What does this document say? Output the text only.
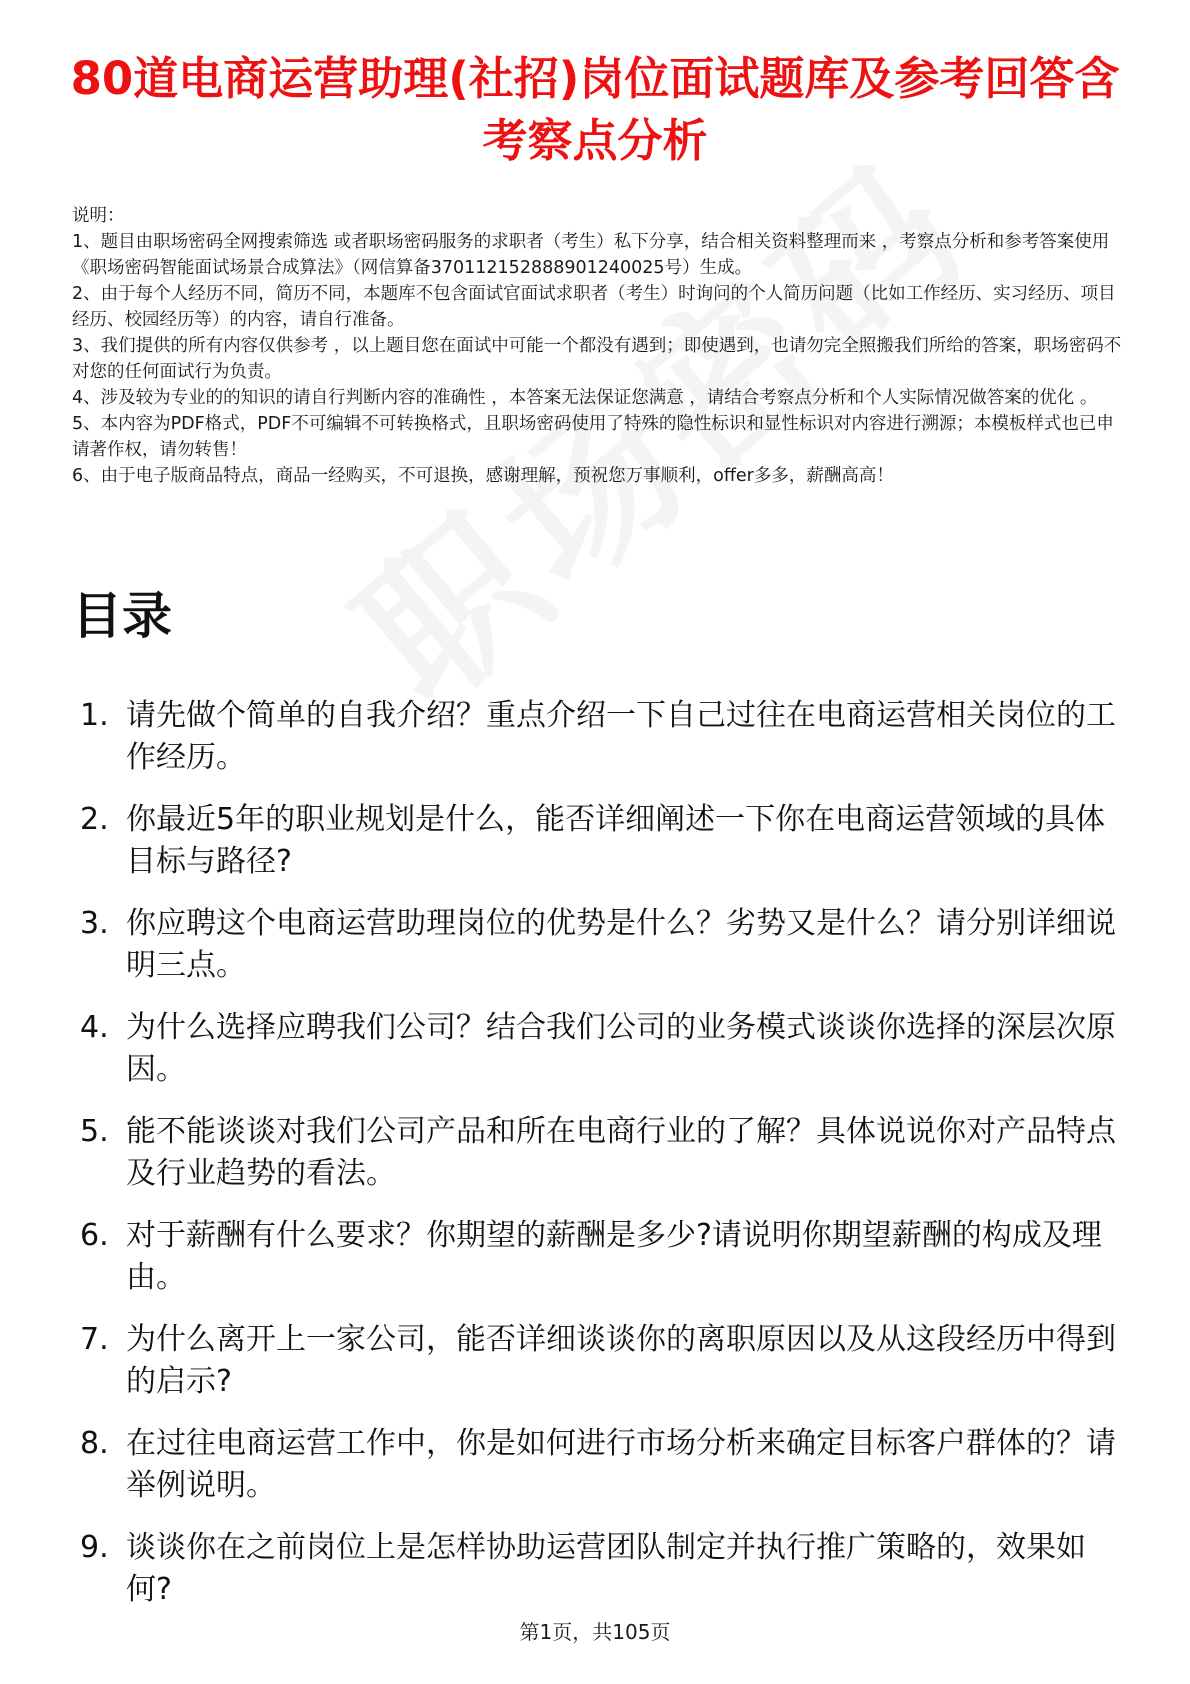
80道电商运营助理(社招)岗位面试题库及参考回答含考察点分析

说明：

1、题目由职场密码全网搜索筛选 或者职场密码服务的求职者（考生）私下分享，结合相关资料整理而来 ，考察点分析和参考答案使用《职场密码智能面试场景合成算法》（网信算备370112152888901240025号）生成。

2、由于每个人经历不同，简历不同，本题库不包含面试官面试求职者（考生）时询问的个人简历问题（比如工作经历、实习经历、项目经历、校园经历等）的内容，请自行准备。

3、我们提供的所有内容仅供参考 ，以上题目您在面试中可能一个都没有遇到；即使遇到，也请勿完全照搬我们所给的答案，职场密码不对您的任何面试行为负责。

4、涉及较为专业的的知识的请自行判断内容的准确性 ，本答案无法保证您满意 ，请结合考察点分析和个人实际情况做答案的优化 。

5、本内容为PDF格式，PDF不可编辑不可转换格式，且职场密码使用了特殊的隐性标识和显性标识对内容进行溯源；本模板样式也已申请著作权，请勿转售！

6、由于电子版商品特点，商品一经购买，不可退换，感谢理解，预祝您万事顺利，offer多多，薪酬高高！

目录
1. 请先做个简单的自我介绍？重点介绍一下自己过往在电商运营相关岗位的工作经历。
2. 你最近5年的职业规划是什么，能否详细阐述一下你在电商运营领域的具体目标与路径?
3. 你应聘这个电商运营助理岗位的优势是什么？劣势又是什么？请分别详细说明三点。
4. 为什么选择应聘我们公司？结合我们公司的业务模式谈谈你选择的深层次原因。
5. 能不能谈谈对我们公司产品和所在电商行业的了解？具体说说你对产品特点及行业趋势的看法。
6. 对于薪酬有什么要求？你期望的薪酬是多少?请说明你期望薪酬的构成及理由。
7. 为什么离开上一家公司，能否详细谈谈你的离职原因以及从这段经历中得到的启示?
8. 在过往电商运营工作中，你是如何进行市场分析来确定目标客户群体的？请举例说明。
9. 谈谈你在之前岗位上是怎样协助运营团队制定并执行推广策略的，效果如何?
第1页，共105页
